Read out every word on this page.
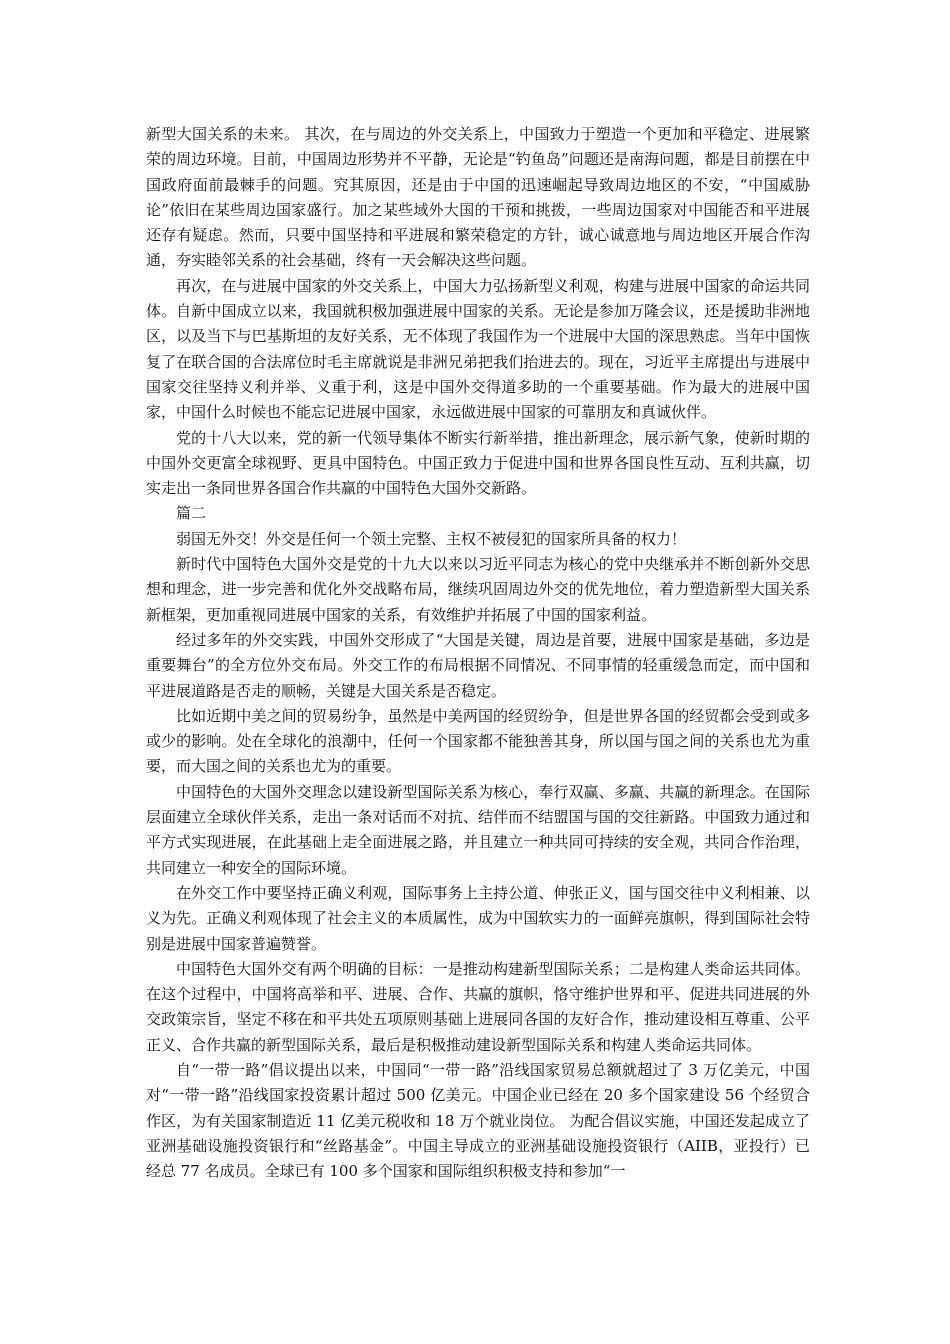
新型大国关系的未来。 其次，在与周边的外交关系上，中国致力于塑造一个更加和平稳定、进展繁荣的周边环境。目前，中国周边形势并不平静，无论是“钓鱼岛”问题还是南海问题，都是目前摆在中国政府面前最棘手的问题。究其原因，还是由于中国的迅速崛起导致周边地区的不安，“中国威胁论”依旧在某些周边国家盛行。加之某些域外大国的干预和挑拨，一些周边国家对中国能否和平进展还存有疑虑。然而，只要中国坚持和平进展和繁荣稳定的方针，诚心诚意地与周边地区开展合作沟通，夯实睦邻关系的社会基础，终有一天会解决这些问题。

再次，在与进展中国家的外交关系上，中国大力弘扬新型义利观，构建与进展中国家的命运共同体。自新中国成立以来，我国就积极加强进展中国家的关系。无论是参加万隆会议，还是援助非洲地区，以及当下与巴基斯坦的友好关系，无不体现了我国作为一个进展中大国的深思熟虑。当年中国恢复了在联合国的合法席位时毛主席就说是非洲兄弟把我们抬进去的。现在，习近平主席提出与进展中国家交往坚持义利并举、义重于利，这是中国外交得道多助的一个重要基础。作为最大的进展中国家，中国什么时候也不能忘记进展中国家，永远做进展中国家的可靠朋友和真诚伙伴。

党的十八大以来，党的新一代领导集体不断实行新举措，推出新理念，展示新气象，使新时期的中国外交更富全球视野、更具中国特色。中国正致力于促进中国和世界各国良性互动、互利共赢，切实走出一条同世界各国合作共赢的中国特色大国外交新路。

篇二

弱国无外交！外交是任何一个领土完整、主权不被侵犯的国家所具备的权力！

新时代中国特色大国外交是党的十九大以来以习近平同志为核心的党中央继承并不断创新外交思想和理念，进一步完善和优化外交战略布局，继续巩固周边外交的优先地位，着力塑造新型大国关系新框架，更加重视同进展中国家的关系，有效维护并拓展了中国的国家利益。

经过多年的外交实践，中国外交形成了“大国是关键，周边是首要，进展中国家是基础，多边是重要舞台”的全方位外交布局。外交工作的布局根据不同情况、不同事情的轻重缓急而定，而中国和平进展道路是否走的顺畅，关键是大国关系是否稳定。

比如近期中美之间的贸易纷争，虽然是中美两国的经贸纷争，但是世界各国的经贸都会受到或多或少的影响。处在全球化的浪潮中，任何一个国家都不能独善其身，所以国与国之间的关系也尤为重要，而大国之间的关系也尤为的重要。

中国特色的大国外交理念以建设新型国际关系为核心，奉行双赢、多赢、共赢的新理念。在国际层面建立全球伙伴关系，走出一条对话而不对抗、结伴而不结盟国与国的交往新路。中国致力通过和平方式实现进展，在此基础上走全面进展之路，并且建立一种共同可持续的安全观，共同合作治理，共同建立一种安全的国际环境。

在外交工作中要坚持正确义利观，国际事务上主持公道、伸张正义，国与国交往中义利相兼、以义为先。正确义利观体现了社会主义的本质属性，成为中国软实力的一面鲜亮旗帜，得到国际社会特别是进展中国家普遍赞誉。

中国特色大国外交有两个明确的目标：一是推动构建新型国际关系；二是构建人类命运共同体。在这个过程中，中国将高举和平、进展、合作、共赢的旗帜，恪守维护世界和平、促进共同进展的外交政策宗旨，坚定不移在和平共处五项原则基础上进展同各国的友好合作，推动建设相互尊重、公平正义、合作共赢的新型国际关系，最后是积极推动建设新型国际关系和构建人类命运共同体。

自“一带一路”倡议提出以来，中国同“一带一路”沿线国家贸易总额就超过了 3 万亿美元，中国对“一带一路”沿线国家投资累计超过 500 亿美元。中国企业已经在 20 多个国家建设 56 个经贸合作区，为有关国家制造近 11 亿美元税收和 18 万个就业岗位。 为配合倡议实施，中国还发起成立了亚洲基础设施投资银行和“丝路基金”。中国主导成立的亚洲基础设施投资银行（AIIB，亚投行）已经总 77 名成员。全球已有 100 多个国家和国际组织积极支持和参加“一
